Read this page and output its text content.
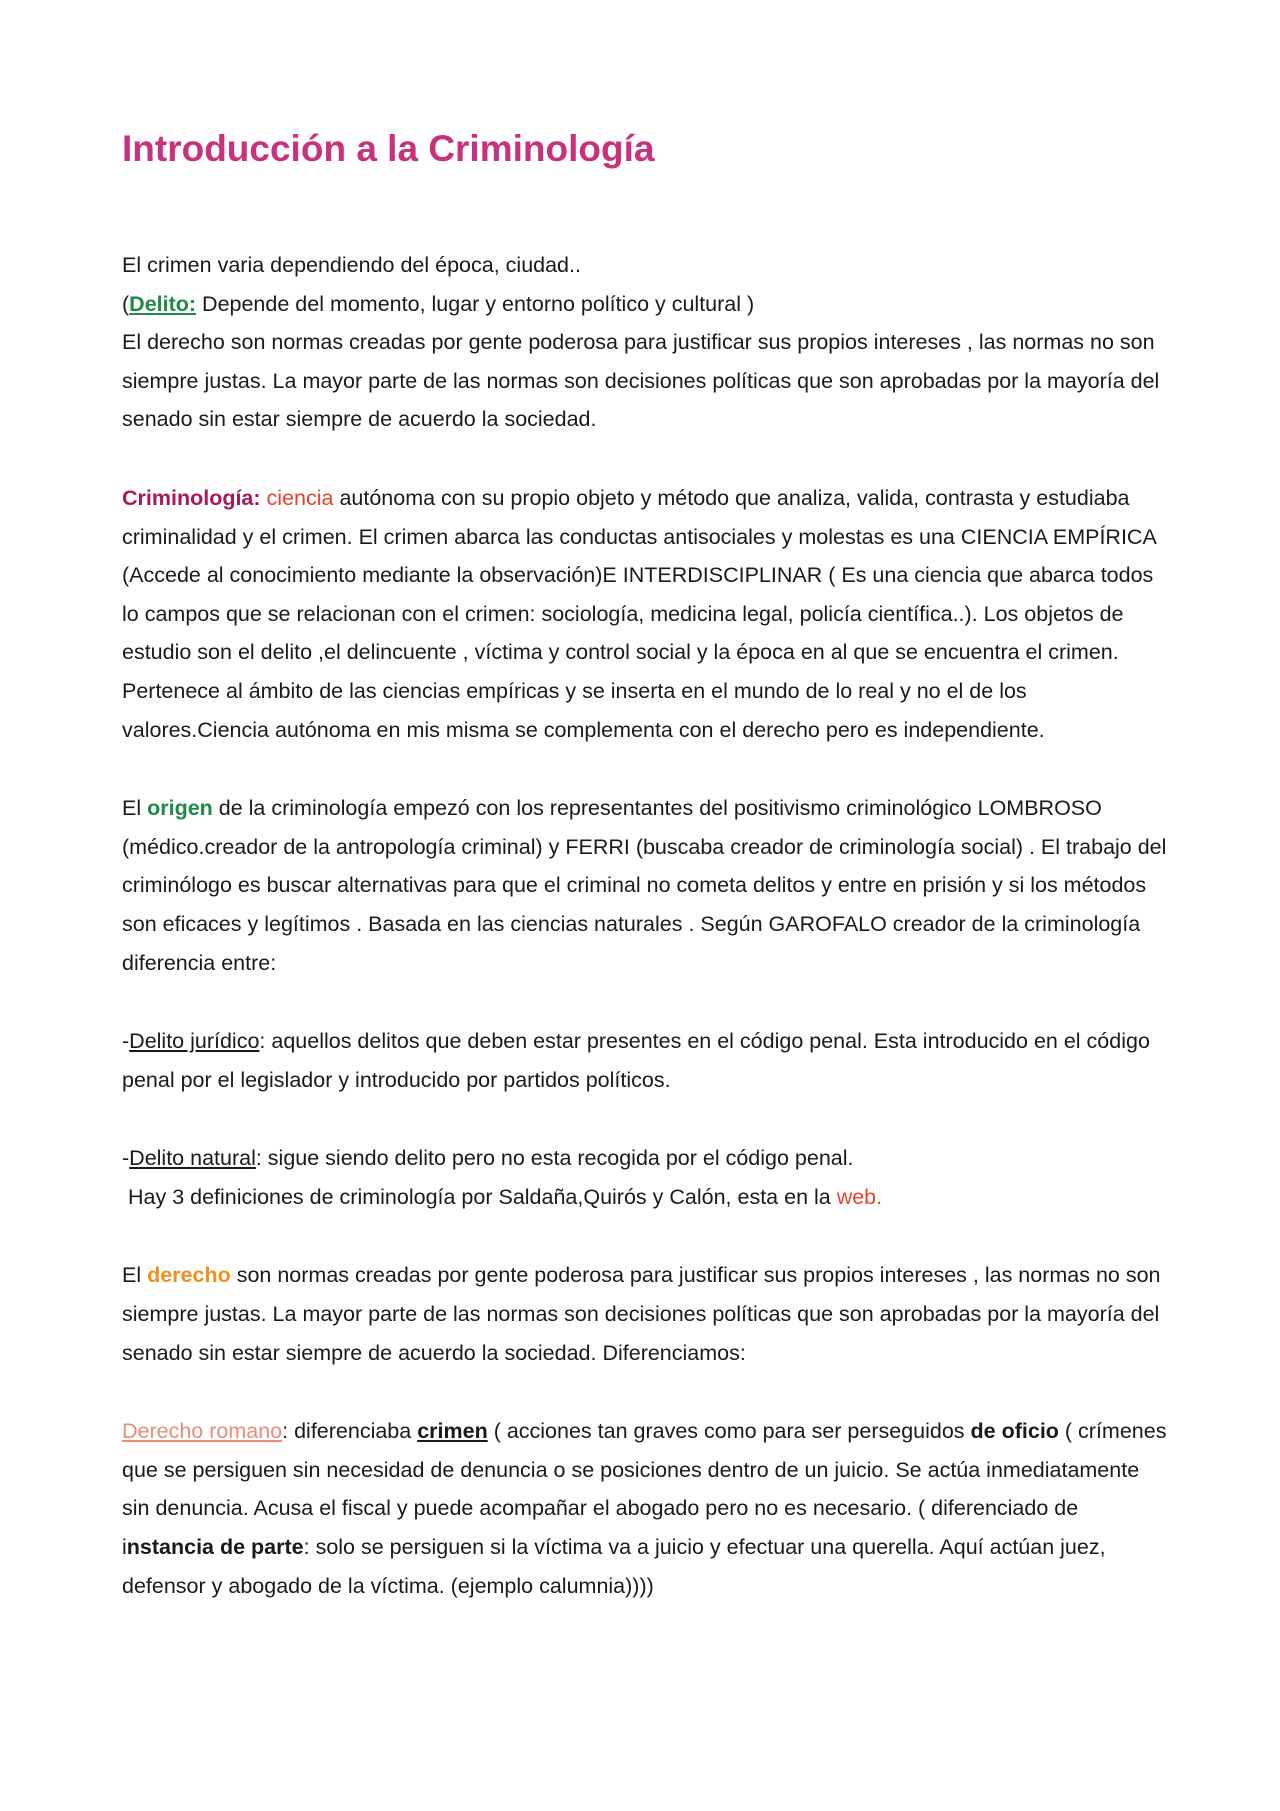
Introducción a la Criminología

El crimen varia dependiendo del época, ciudad..
(Delito: Depende del momento, lugar y entorno político y cultural )
El derecho son normas creadas por gente poderosa para justificar sus propios intereses , las normas no son siempre justas. La mayor parte de las normas son decisiones políticas que son aprobadas por la mayoría del senado sin estar siempre de acuerdo la sociedad.

Criminología: ciencia autónoma con su propio objeto y método que analiza, valida, contrasta y estudiaba criminalidad y el crimen. El crimen abarca las conductas antisociales y molestas es una CIENCIA EMPÍRICA (Accede al conocimiento mediante la observación)E INTERDISCIPLINAR ( Es una ciencia que abarca todos lo campos que se relacionan con el crimen: sociología, medicina legal, policía científica..). Los objetos de estudio son el delito ,el delincuente , víctima y control social y la época en al que se encuentra el crimen. Pertenece al ámbito de las ciencias empíricas y se inserta en el mundo de lo real y no el de los valores.Ciencia autónoma en mis misma se complementa con el derecho pero es independiente.

El origen de la criminología empezó con los representantes del positivismo criminológico LOMBROSO (médico.creador de la antropología criminal) y FERRI (buscaba creador de criminología social) . El trabajo del criminólogo es buscar alternativas para que el criminal no cometa delitos y entre en prisión y si los métodos son eficaces y legítimos . Basada en las ciencias naturales . Según GAROFALO creador de la criminología diferencia entre:

-Delito jurídico: aquellos delitos que deben estar presentes en el código penal. Esta introducido en el código penal por el legislador y introducido por partidos políticos.

-Delito natural: sigue siendo delito pero no esta recogida por el código penal.
Hay 3 definiciones de criminología por Saldaña,Quirós y Calón, esta en la web.

El derecho son normas creadas por gente poderosa para justificar sus propios intereses , las normas no son siempre justas. La mayor parte de las normas son decisiones políticas que son aprobadas por la mayoría del senado sin estar siempre de acuerdo la sociedad. Diferenciamos:

Derecho romano: diferenciaba crimen ( acciones tan graves como para ser perseguidos de oficio ( crímenes que se persiguen sin necesidad de denuncia o se posiciones dentro de un juicio. Se actúa inmediatamente sin denuncia. Acusa el fiscal y puede acompañar el abogado pero no es necesario. ( diferenciado de instancia de parte: solo se persiguen si la víctima va a juicio y efectuar una querella. Aquí actúan juez, defensor y abogado de la víctima. (ejemplo calumnia))))
